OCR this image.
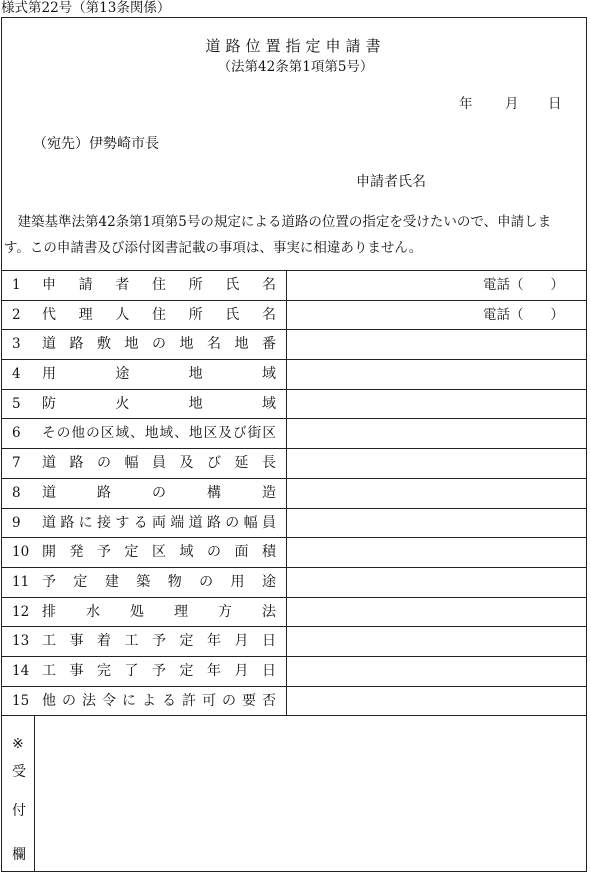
様式第22号（第13条関係）
道路位置指定申請書
（法第42条第1項第5号）
年 月 日
（宛先）伊勢崎市長
申請者氏名
　建築基準法第42条第1項第5号の規定による道路の位置の指定を受けたいので、申請しま
す。この申請書及び添付図書記載の事項は、事実に相違ありません。
1 申 請 者 住 所 氏 名	電話（　　）
2 代 理 人 住 所 氏 名	電話（　　）
3 道 路 敷 地 の 地 名 地 番
4 用	途	地	域
5 防	火	地	域
6 そ の 他 の 区 域 、 地 域 、 地 区 及 び 街 区
7 道 路 の 幅 員 及 び 延 長
8 道	路	の	構	造
9 道 路 に 接 す る 両 端 道 路 の 幅 員
10 開 発 予 定 区 域 の 面 積
11 予 定 建 築 物 の 用 途
12 排 水 処 理 方 法
13 工 事 着 工 予 定 年 月 日
14 工 事 完 了 予 定 年 月 日
15 他 の 法 令 に よ る 許 可 の 要 否
※
受
付
欄
